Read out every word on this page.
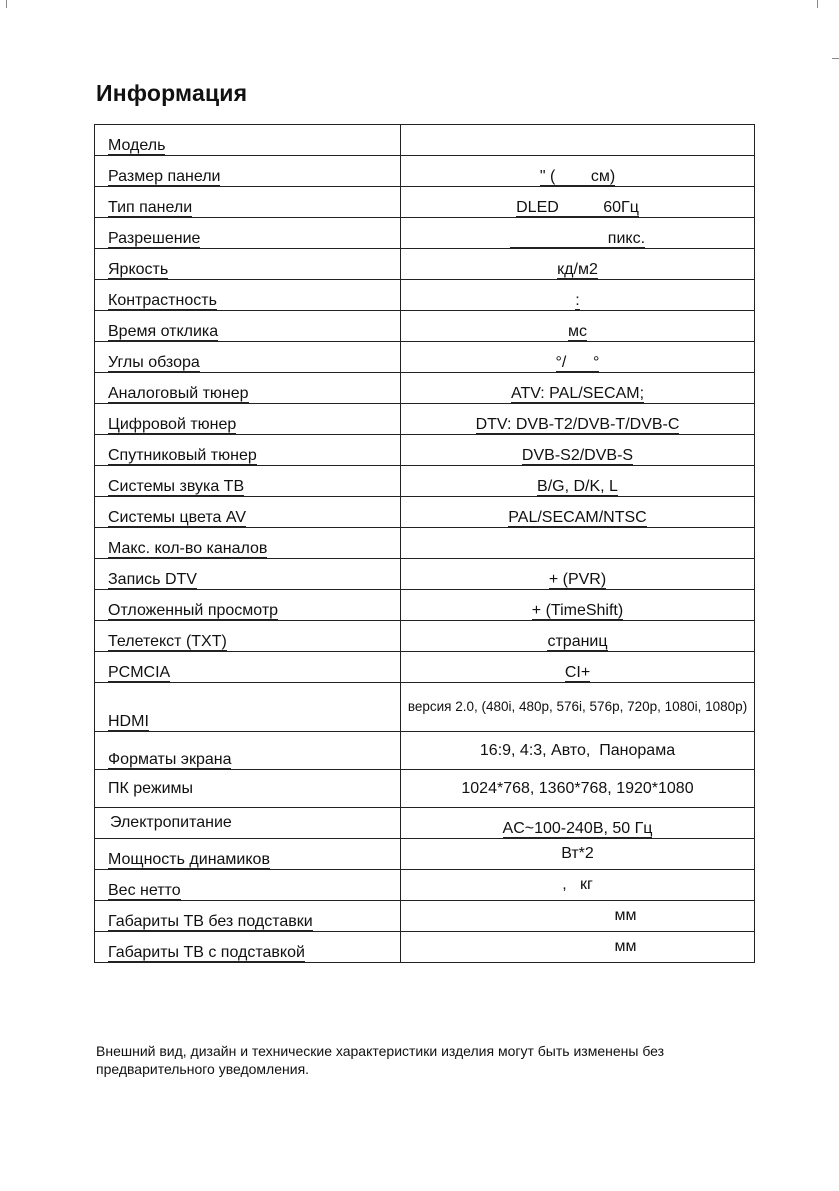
Информация
Модель	
Размер панели	" (        см)
Тип панели	DLED          60Гц
Разрешение	пикс.
Яркость	кд/м2
Контрастность	:
Время отклика	мс
Углы обзора	°/      °
Аналоговый тюнер	ATV: PAL/SECAM;
Цифровой тюнер	DTV: DVB-T2/DVB-T/DVB-C
Спутниковый тюнер	DVB-S2/DVB-S
Системы звука ТВ	B/G, D/K, L
Системы цвета AV	PAL/SECAM/NTSC
Макс. кол-во каналов	
Запись DTV	+ (PVR)
Отложенный просмотр	+ (TimeShift)
Телетекст (TXT)	страниц
PCMCIA	CI+
HDMI	версия 2.0, (480i, 480p, 576i, 576p, 720p, 1080i, 1080p)
Форматы экрана	16:9, 4:3, Авто,  Панорама
ПК режимы	1024*768, 1360*768, 1920*1080
Электропитание	AC~100-240B, 50 Гц
Мощность динамиков	Вт*2
Вес нетто	,   кг
Габариты ТВ без подставки	мм
Габариты ТВ с подставкой	мм
Внешний вид, дизайн и технические характеристики изделия могут быть изменены без предварительного уведомления.
